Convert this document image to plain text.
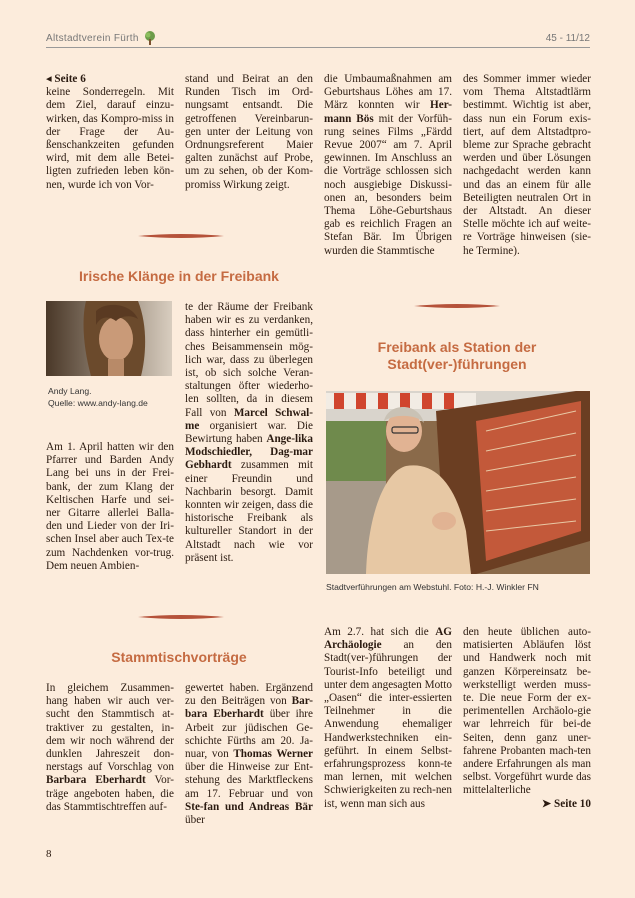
Altstadtverein Fürth	45 - 11/12

◂ Seite 6

keine Sonderregeln. Mit dem Ziel, darauf einzu-wirken, das Kompro-miss in der Frage der Au-ßenschankzeiten gefunden wird, mit dem alle Betei-ligten zufrieden leben kön-nen, wurde ich von Vor-

stand und Beirat an den Runden Tisch im Ord-nungsamt entsandt. Die getroffenen Vereinbarun-gen unter der Leitung von Ordnungsreferent Maier galten zunächst auf Probe, um zu sehen, ob der Kom-promiss Wirkung zeigt.

die Umbaumaßnahmen am Geburtshaus Löhes am 17. März konnten wir Her-mann Bös mit der Vorfüh-rung seines Films „Färdd Revue 2007“ am 7. April gewinnen. Im Anschluss an die Vorträge schlossen sich noch ausgiebige Diskussi-onen an, besonders beim Thema Löhe-Geburtshaus gab es reichlich Fragen an Stefan Bär. Im Übrigen wurden die Stammtische

des Sommer immer wieder vom Thema Altstadtlärm bestimmt. Wichtig ist aber, dass nun ein Forum exis-tiert, auf dem Altstadtpro-bleme zur Sprache gebracht werden und über Lösungen nachgedacht werden kann und das an einem für alle Beteiligten neutralen Ort in der Altstadt. An dieser Stelle möchte ich auf weite-re Vorträge hinweisen (sie-he Termine).

Irische Klänge in der Freibank
Andy Lang.
Quelle: www.andy-lang.de

Am 1. April hatten wir den Pfarrer und Barden Andy Lang bei uns in der Frei-bank, der zum Klang der Keltischen Harfe und sei-ner Gitarre allerlei Balla-den und Lieder von der Iri-schen Insel aber auch Tex-te zum Nachdenken vor-trug. Dem neuen Ambien-

te der Räume der Freibank haben wir es zu verdanken, dass hinterher ein gemütli-ches Beisammensein mög-lich war, dass zu überlegen ist, ob sich solche Veran-staltungen öfter wiederho-len sollten, da in diesem Fall von Marcel Schwal-me organisiert war. Die Bewirtung haben Angе-lika Modschiedler, Dag-mar Gebhardt zusammen mit einer Freundin und Nachbarin besorgt. Damit konnten wir zeigen, dass die historische Freibank als kultureller Standort in der Altstadt nach wie vor präsent ist.

Freibank als Station der
Stadt(ver-)führungen
Stadtverführungen am Webstuhl. Foto: H.-J. Winkler FN
Stammtischvorträge

In gleichem Zusammen-hang haben wir auch ver-sucht den Stammtisch at-traktiver zu gestalten, in-dem wir noch während der dunklen Jahreszeit don-nerstags auf Vorschlag von Barbara Eberhardt Vor-träge angeboten haben, die das Stammtischtreffen auf-

gewertet haben. Ergänzend zu den Beiträgen von Bar-bara Eberhardt über ihre Arbeit zur jüdischen Ge-schichte Fürths am 20. Ja-nuar, von Thomas Werner über die Hinweise zur Ent-stehung des Marktfleckens am 17. Februar und von Ste-fan und Andreas Bär über

Am 2.7. hat sich die AG Archäologie an den Stadt(ver-)führungen der Tourist-Info beteiligt und unter dem angesagten Motto „Oasen“ die inter-essierten Teilnehmer in die Anwendung ehemaliger Handwerkstechniken ein-geführt. In einem Selbst-erfahrungsprozess konn-te man lernen, mit welchen Schwierigkeiten zu rech-nen ist, wenn man sich aus

den heute üblichen auto-matisierten Abläufen löst und Handwerk noch mit ganzen Körpereinsatz be-werkstelligt werden muss-te. Die neue Form der ex-perimentellen Archäolo-gie war lehrreich für bei-de Seiten, denn ganz uner-fahrene Probanten mach-ten andere Erfahrungen als man selbst. Vorgeführt wurde das mittelalterliche

➤ Seite 10

8
